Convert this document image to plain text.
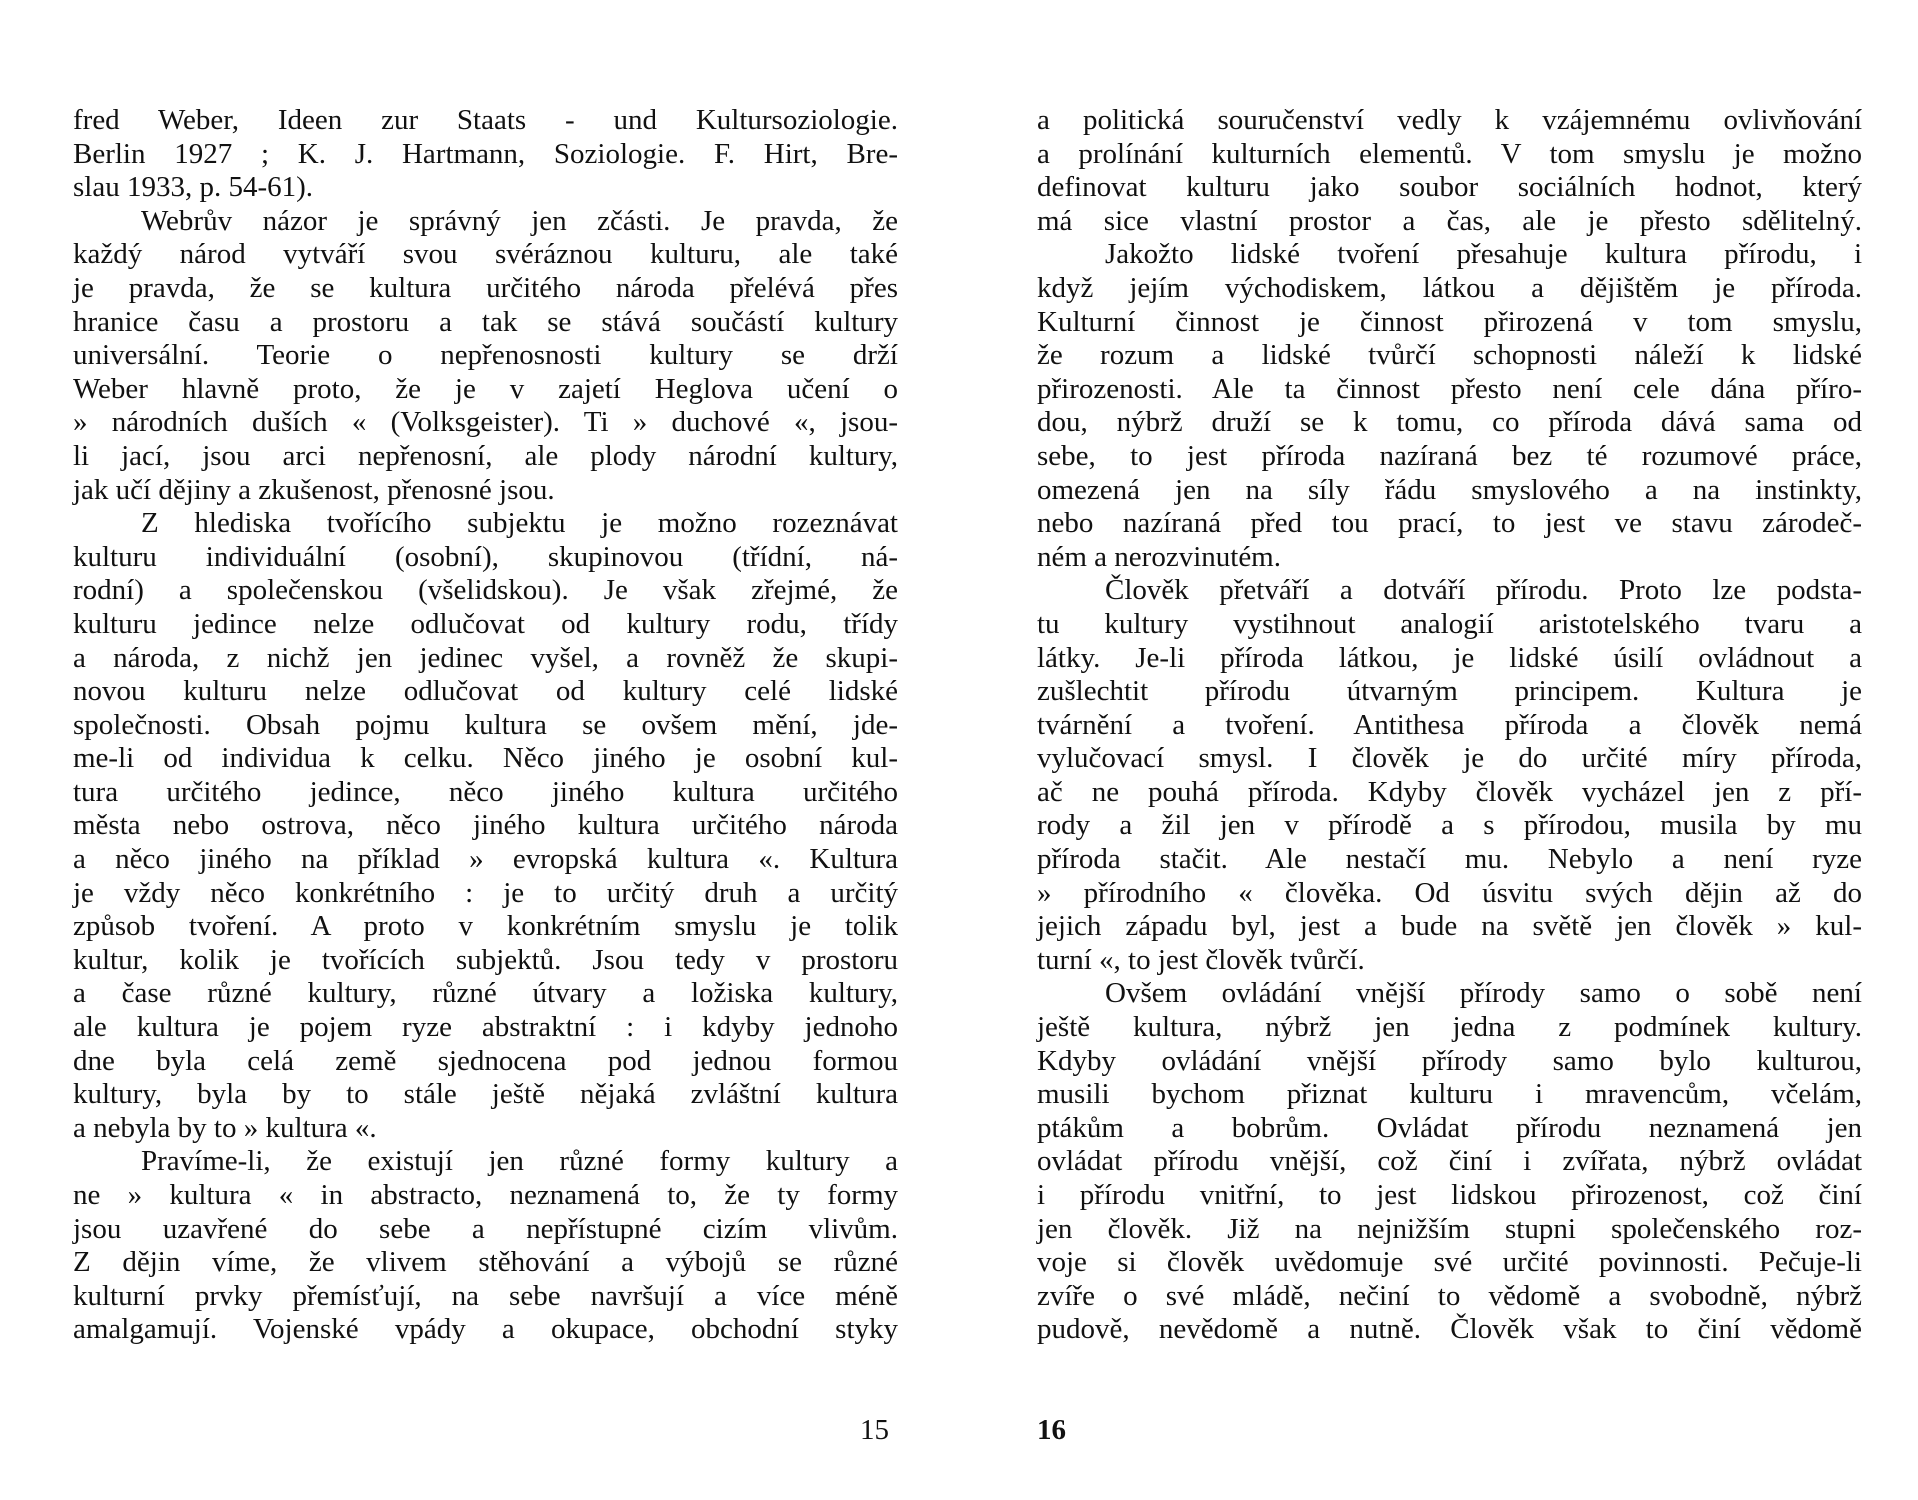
fred Weber, Ideen zur Staats - und Kultursoziologie.
Berlin 1927 ; K. J. Hartmann, Soziologie. F. Hirt, Bre-
slau 1933, p. 54-61).
Webrův názor je správný jen zčásti. Je pravda, že
každý národ vytváří svou svéráznou kulturu, ale také
je pravda, že se kultura určitého národa přelévá přes
hranice času a prostoru a tak se stává součástí kultury
universální. Teorie o nepřenosnosti kultury se drží
Weber hlavně proto, že je v zajetí Heglova učení o
» národních duších « (Volksgeister). Ti » duchové «, jsou-
li jací, jsou arci nepřenosní, ale plody národní kultury,
jak učí dějiny a zkušenost, přenosné jsou.
Z hlediska tvořícího subjektu je možno rozeznávat
kulturu individuální (osobní), skupinovou (třídní, ná-
rodní) a společenskou (všelidskou). Je však zřejmé, že
kulturu jedince nelze odlučovat od kultury rodu, třídy
a národa, z nichž jen jedinec vyšel, a rovněž že skupi-
novou kulturu nelze odlučovat od kultury celé lidské
společnosti. Obsah pojmu kultura se ovšem mění, jde-
me-li od individua k celku. Něco jiného je osobní kul-
tura určitého jedince, něco jiného kultura určitého
města nebo ostrova, něco jiného kultura určitého národa
a něco jiného na příklad » evropská kultura «. Kultura
je vždy něco konkrétního : je to určitý druh a určitý
způsob tvoření. A proto v konkrétním smyslu je tolik
kultur, kolik je tvořících subjektů. Jsou tedy v prostoru
a čase různé kultury, různé útvary a ložiska kultury,
ale kultura je pojem ryze abstraktní : i kdyby jednoho
dne byla celá země sjednocena pod jednou formou
kultury, byla by to stále ještě nějaká zvláštní kultura
a nebyla by to » kultura «.
Pravíme-li, že existují jen různé formy kultury a
ne » kultura « in abstracto, neznamená to, že ty formy
jsou uzavřené do sebe a nepřístupné cizím vlivům.
Z dějin víme, že vlivem stěhování a výbojů se různé
kulturní prvky přemísťují, na sebe navršují a více méně
amalgamují. Vojenské vpády a okupace, obchodní styky
a politická souručenství vedly k vzájemnému ovlivňování
a prolínání kulturních elementů. V tom smyslu je možno
definovat kulturu jako soubor sociálních hodnot, který
má sice vlastní prostor a čas, ale je přesto sdělitelný.
Jakožto lidské tvoření přesahuje kultura přírodu, i
když jejím východiskem, látkou a dějištěm je příroda.
Kulturní činnost je činnost přirozená v tom smyslu,
že rozum a lidské tvůrčí schopnosti náleží k lidské
přirozenosti. Ale ta činnost přesto není cele dána příro-
dou, nýbrž druží se k tomu, co příroda dává sama od
sebe, to jest příroda nazíraná bez té rozumové práce,
omezená jen na síly řádu smyslového a na instinkty,
nebo nazíraná před tou prací, to jest ve stavu zárodeč-
ném a nerozvinutém.
Člověk přetváří a dotváří přírodu. Proto lze podsta-
tu kultury vystihnout analogií aristotelského tvaru a
látky. Je-li příroda látkou, je lidské úsilí ovládnout a
zušlechtit přírodu útvarným principem. Kultura je
tvárnění a tvoření. Antithesa příroda a člověk nemá
vylučovací smysl. I člověk je do určité míry příroda,
ač ne pouhá příroda. Kdyby člověk vycházel jen z pří-
rody a žil jen v přírodě a s přírodou, musila by mu
příroda stačit. Ale nestačí mu. Nebylo a není ryze
» přírodního « člověka. Od úsvitu svých dějin až do
jejich západu byl, jest a bude na světě jen člověk » kul-
turní «, to jest člověk tvůrčí.
Ovšem ovládání vnější přírody samo o sobě není
ještě kultura, nýbrž jen jedna z podmínek kultury.
Kdyby ovládání vnější přírody samo bylo kulturou,
musili bychom přiznat kulturu i mravencům, včelám,
ptákům a bobrům. Ovládat přírodu neznamená jen
ovládat přírodu vnější, což činí i zvířata, nýbrž ovládat
i přírodu vnitřní, to jest lidskou přirozenost, což činí
jen člověk. Již na nejnižším stupni společenského roz-
voje si člověk uvědomuje své určité povinnosti. Pečuje-li
zvíře o své mládě, nečiní to vědomě a svobodně, nýbrž
pudově, nevědomě a nutně. Člověk však to činí vědomě
15	16
